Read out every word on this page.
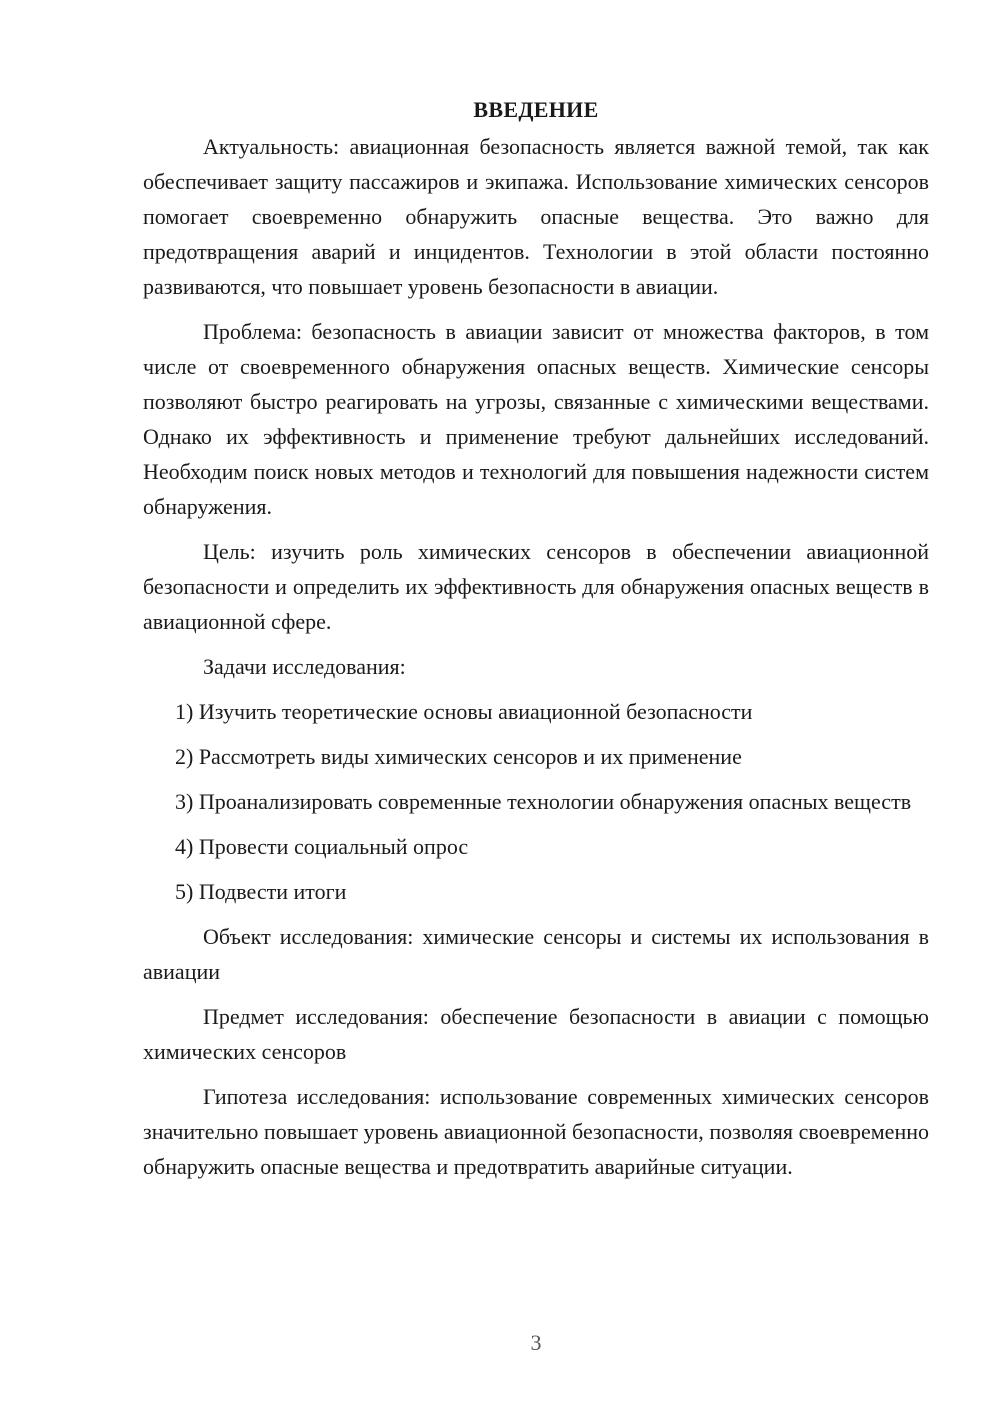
ВВЕДЕНИЕ

Актуальность: авиационная безопасность является важной темой, так как обеспечивает защиту пассажиров и экипажа. Использование химических сенсоров помогает своевременно обнаружить опасные вещества. Это важно для предотвращения аварий и инцидентов. Технологии в этой области постоянно развиваются, что повышает уровень безопасности в авиации.

Проблема: безопасность в авиации зависит от множества факторов, в том числе от своевременного обнаружения опасных веществ. Химические сенсоры позволяют быстро реагировать на угрозы, связанные с химическими веществами. Однако их эффективность и применение требуют дальнейших исследований. Необходим поиск новых методов и технологий для повышения надежности систем обнаружения.

Цель: изучить роль химических сенсоров в обеспечении авиационной безопасности и определить их эффективность для обнаружения опасных веществ в авиационной сфере.

Задачи исследования:

1) Изучить теоретические основы авиационной безопасности

2) Рассмотреть виды химических сенсоров и их применение

3) Проанализировать современные технологии обнаружения опасных веществ

4) Провести социальный опрос

5) Подвести итоги

Объект исследования: химические сенсоры и системы их использования в авиации

Предмет исследования: обеспечение безопасности в авиации с помощью химических сенсоров

Гипотеза исследования: использование современных химических сенсоров значительно повышает уровень авиационной безопасности, позволяя своевременно обнаружить опасные вещества и предотвратить аварийные ситуации.

3
